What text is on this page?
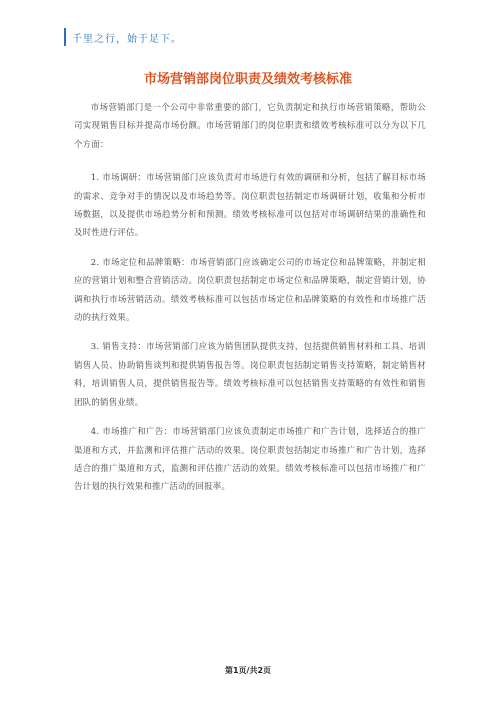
千里之行，始于足下。
市场营销部岗位职责及绩效考核标准

市场营销部门是一个公司中非常重要的部门，它负责制定和执行市场营销策略，帮助公司实现销售目标并提高市场份额。市场营销部门的岗位职责和绩效考核标准可以分为以下几个方面：

1. 市场调研：市场营销部门应该负责对市场进行有效的调研和分析，包括了解目标市场的需求、竞争对手的情况以及市场趋势等。岗位职责包括制定市场调研计划，收集和分析市场数据，以及提供市场趋势分析和预测。绩效考核标准可以包括对市场调研结果的准确性和及时性进行评估。

2. 市场定位和品牌策略：市场营销部门应该确定公司的市场定位和品牌策略，并制定相应的营销计划和整合营销活动。岗位职责包括制定市场定位和品牌策略，制定营销计划，协调和执行市场营销活动。绩效考核标准可以包括市场定位和品牌策略的有效性和市场推广活动的执行效果。

3. 销售支持：市场营销部门应该为销售团队提供支持，包括提供销售材料和工具、培训销售人员、协助销售谈判和提供销售报告等。岗位职责包括制定销售支持策略，制定销售材料，培训销售人员，提供销售报告等。绩效考核标准可以包括销售支持策略的有效性和销售团队的销售业绩。

4. 市场推广和广告：市场营销部门应该负责制定市场推广和广告计划，选择适合的推广渠道和方式，并监测和评估推广活动的效果。岗位职责包括制定市场推广和广告计划，选择适合的推广渠道和方式，监测和评估推广活动的效果。绩效考核标准可以包括市场推广和广告计划的执行效果和推广活动的回报率。

第1页/共2页
